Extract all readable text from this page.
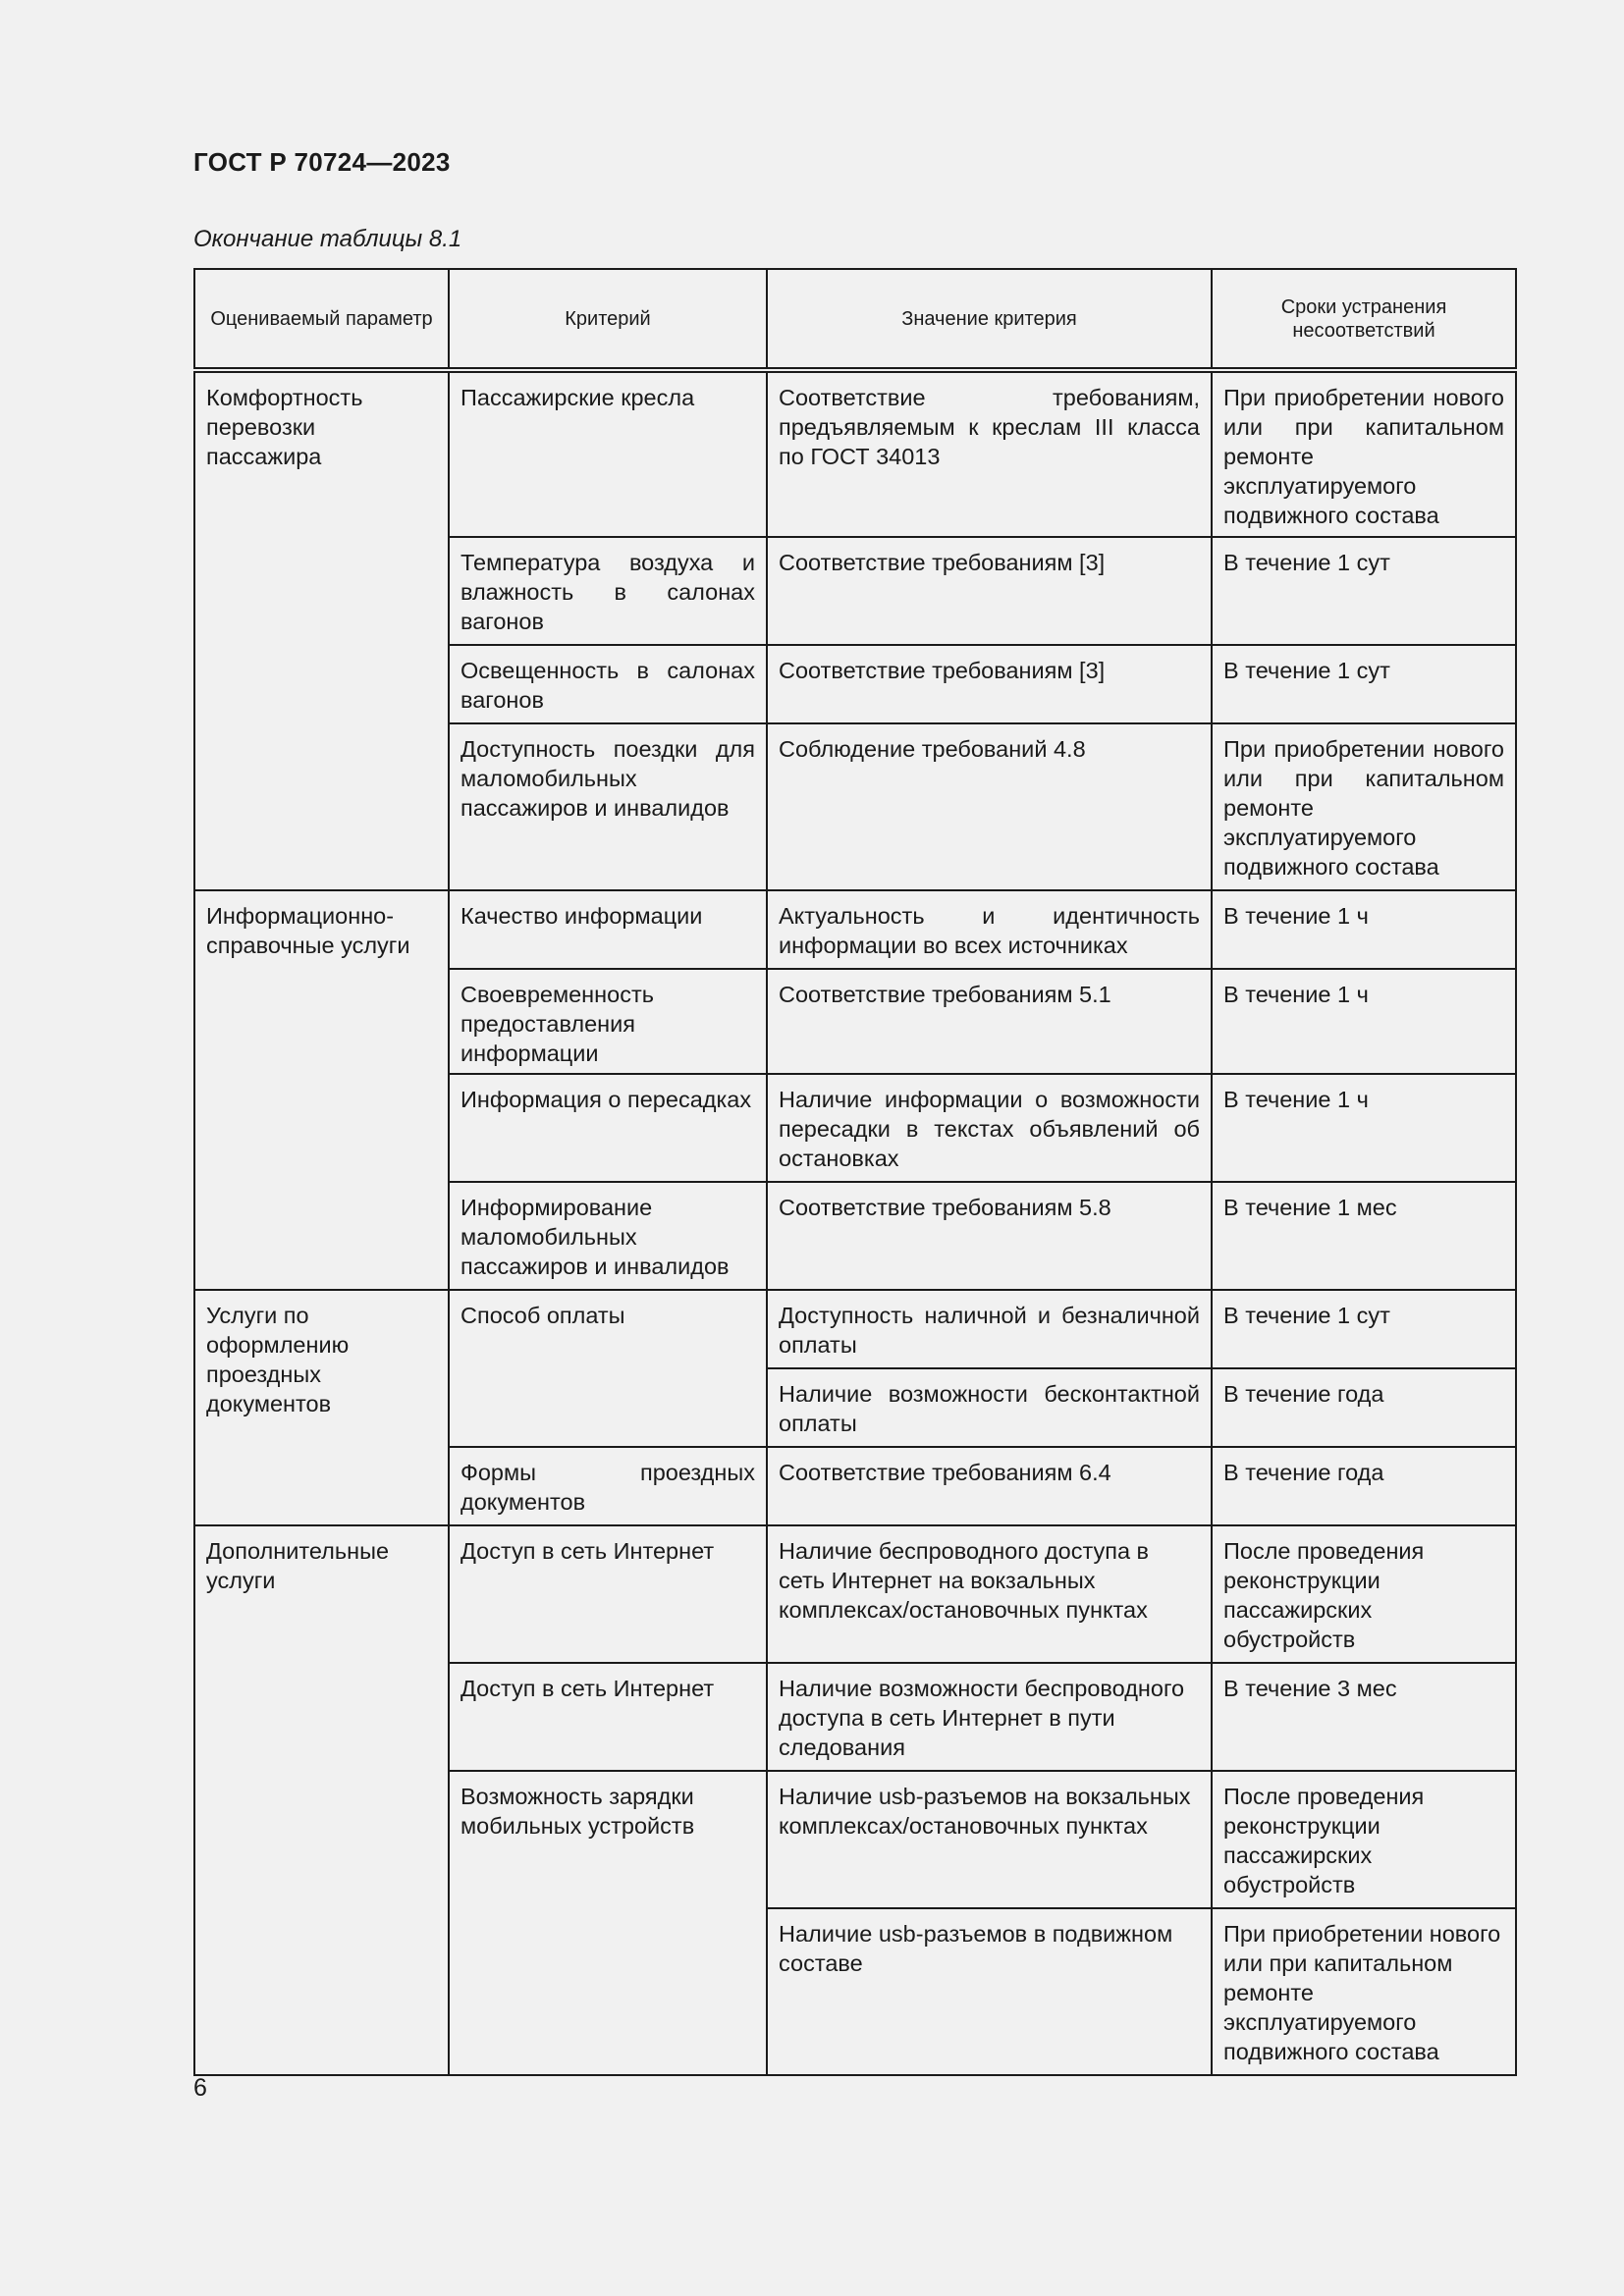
ГОСТ Р 70724—2023
Окончание таблицы 8.1
Оцениваемый параметр	Критерий	Значение критерия	Сроки устранения несоответствий
Комфортность перевозки пассажира	Пассажирские кресла	Соответствие требованиям, предъявляемым к креслам III класса по ГОСТ 34013	При приобретении нового или при капитальном ремонте эксплуатируемого подвижного состава
	Температура воздуха и влажность в салонах вагонов	Соответствие требованиям [3]	В течение 1 сут
	Освещенность в салонах вагонов	Соответствие требованиям [3]	В течение 1 сут
	Доступность поездки для маломобильных пассажиров и инвалидов	Соблюдение требований 4.8	При приобретении нового или при капитальном ремонте эксплуатируемого подвижного состава
Информационно-справочные услуги	Качество информации	Актуальность и идентичность информации во всех источниках	В течение 1 ч
	Своевременность предоставления информации	Соответствие требованиям 5.1	В течение 1 ч
	Информация о пересадках	Наличие информации о возможности пересадки в текстах объявлений об остановках	В течение 1 ч
	Информирование маломобильных пассажиров и инвалидов	Соответствие требованиям 5.8	В течение 1 мес
Услуги по оформлению проездных документов	Способ оплаты	Доступность наличной и безналичной оплаты	В течение 1 сут
		Наличие возможности бесконтактной оплаты	В течение года
	Формы проездных документов	Соответствие требованиям 6.4	В течение года
Дополнительные услуги	Доступ в сеть Интернет	Наличие беспроводного доступа в сеть Интернет на вокзальных комплексах/остановочных пунктах	После проведения реконструкции пассажирских обустройств
	Доступ в сеть Интернет	Наличие возможности беспроводного доступа в сеть Интернет в пути следования	В течение 3 мес
	Возможность зарядки мобильных устройств	Наличие usb-разъемов на вокзальных комплексах/остановочных пунктах	После проведения реконструкции пассажирских обустройств
		Наличие usb-разъемов в подвижном составе	При приобретении нового или при капитальном ремонте эксплуатируемого подвижного состава
6
